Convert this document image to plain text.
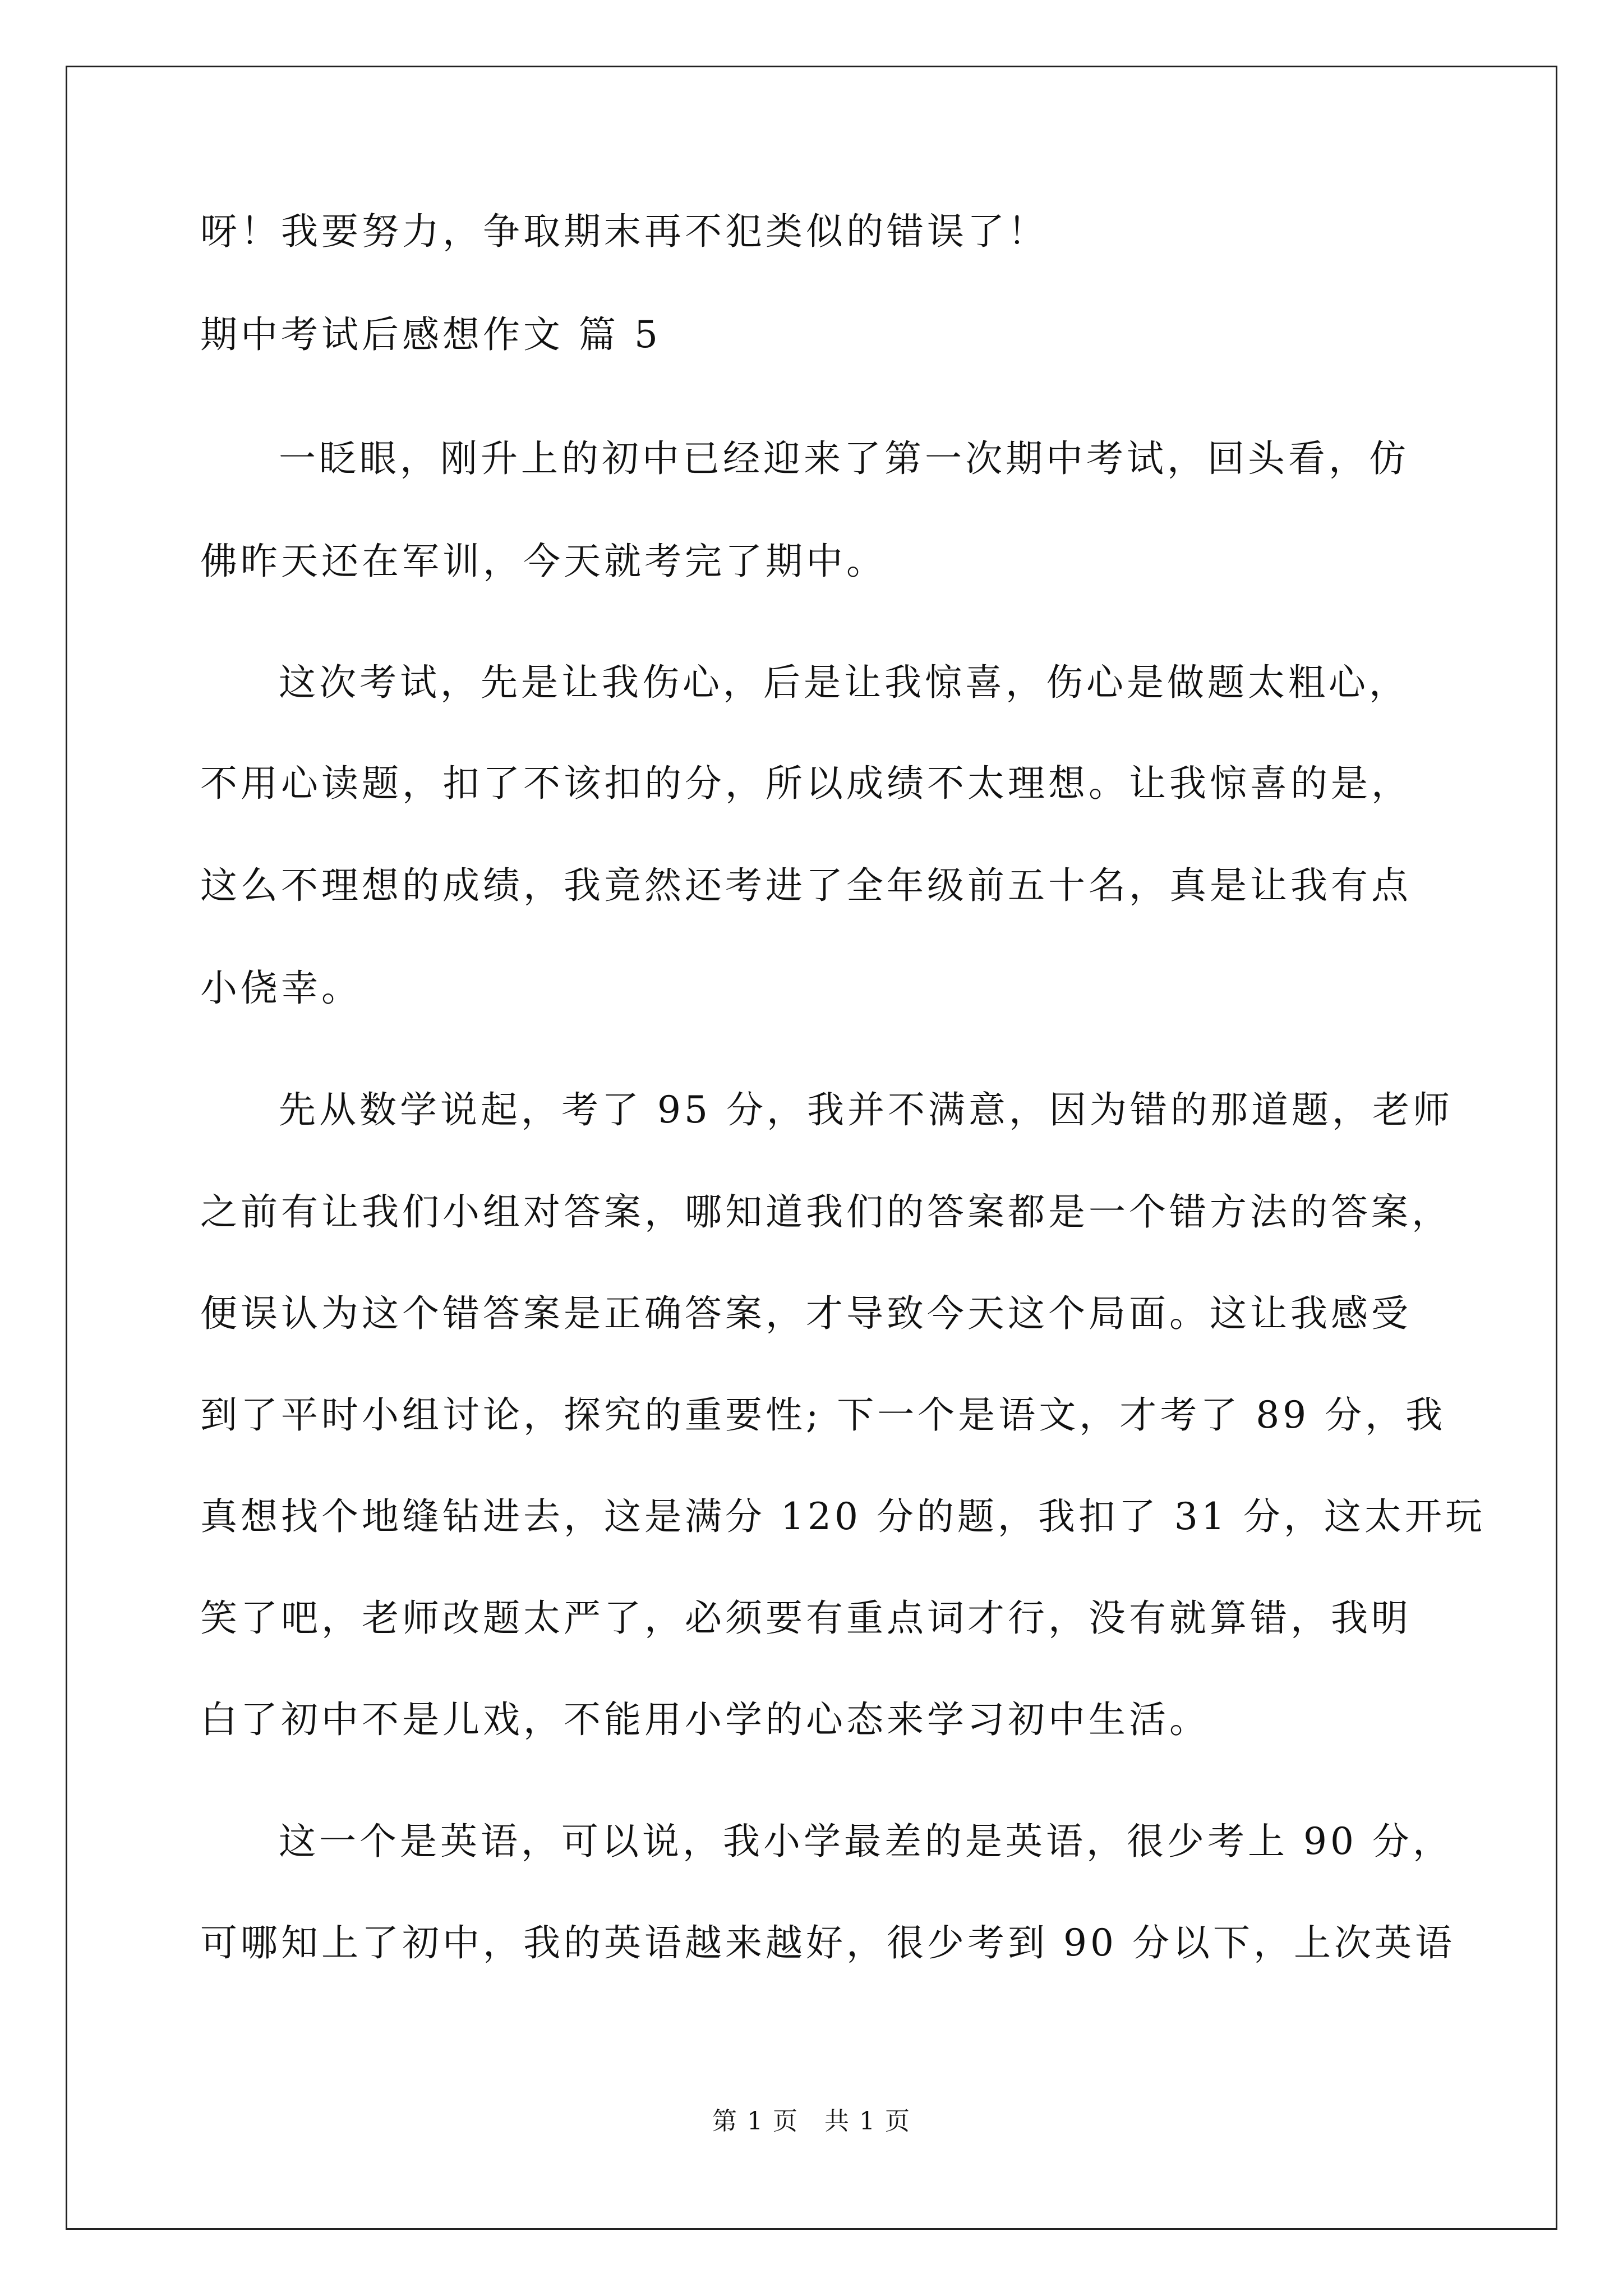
呀！我要努力，争取期末再不犯类似的错误了！
期中考试后感想作文 篇 5
一眨眼，刚升上的初中已经迎来了第一次期中考试，回头看，仿
佛昨天还在军训，今天就考完了期中。
这次考试，先是让我伤心，后是让我惊喜，伤心是做题太粗心，
不用心读题，扣了不该扣的分，所以成绩不太理想。让我惊喜的是，
这么不理想的成绩，我竟然还考进了全年级前五十名，真是让我有点
小侥幸。
先从数学说起，考了 95 分，我并不满意，因为错的那道题，老师
之前有让我们小组对答案，哪知道我们的答案都是一个错方法的答案，
便误认为这个错答案是正确答案，才导致今天这个局面。这让我感受
到了平时小组讨论，探究的重要性; 下一个是语文，才考了 89 分，我
真想找个地缝钻进去，这是满分 120 分的题，我扣了 31 分，这太开玩
笑了吧，老师改题太严了，必须要有重点词才行，没有就算错，我明
白了初中不是儿戏，不能用小学的心态来学习初中生活。
这一个是英语，可以说，我小学最差的是英语，很少考上 90 分，
可哪知上了初中，我的英语越来越好，很少考到 90 分以下，上次英语
第 1 页　共 1 页
